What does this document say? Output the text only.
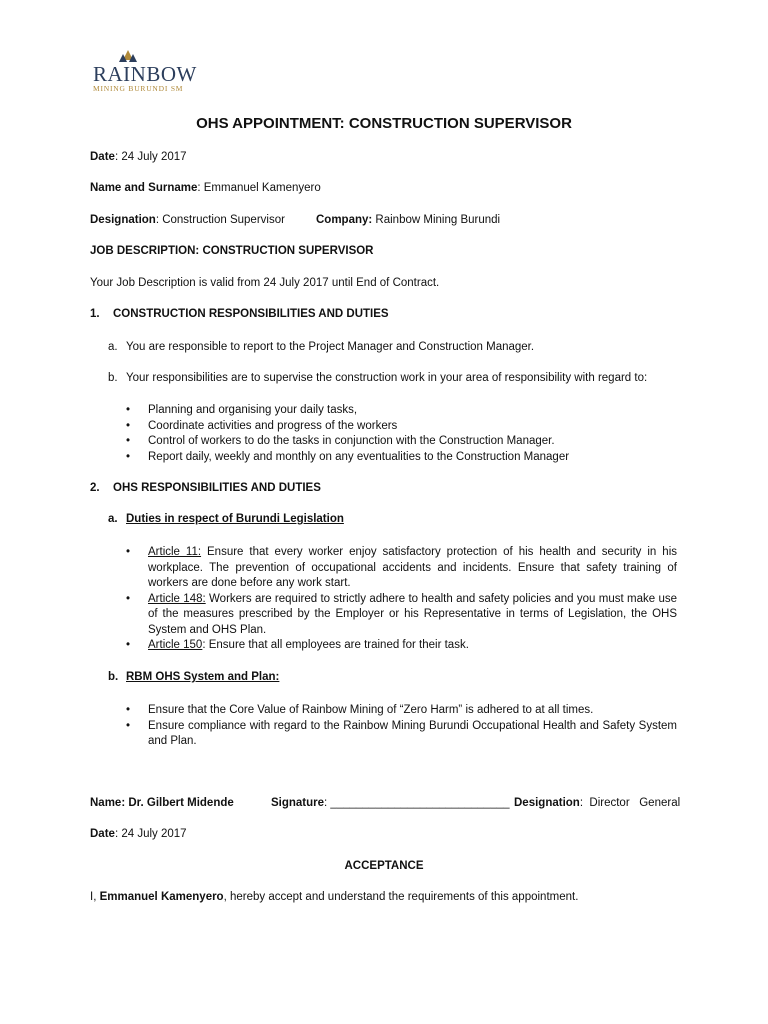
RAINBOW
MINING BURUNDI SM
OHS APPOINTMENT: CONSTRUCTION SUPERVISOR
Date: 24 July 2017
Name and Surname: Emmanuel Kamenyero
Designation: Construction Supervisor	Company: Rainbow Mining Burundi
JOB DESCRIPTION: CONSTRUCTION SUPERVISOR
Your Job Description is valid from 24 July 2017 until End of Contract.
1. CONSTRUCTION RESPONSIBILITIES AND DUTIES
a. You are responsible to report to the Project Manager and Construction Manager.
b. Your responsibilities are to supervise the construction work in your area of responsibility with regard to:
• Planning and organising your daily tasks,
• Coordinate activities and progress of the workers
• Control of workers to do the tasks in conjunction with the Construction Manager.
• Report daily, weekly and monthly on any eventualities to the Construction Manager
2. OHS RESPONSIBILITIES AND DUTIES
a. Duties in respect of Burundi Legislation
• Article 11: Ensure that every worker enjoy satisfactory protection of his health and security in his workplace. The prevention of occupational accidents and incidents. Ensure that safety training of workers are done before any work start.
• Article 148: Workers are required to strictly adhere to health and safety policies and you must make use of the measures prescribed by the Employer or his Representative in terms of Legislation, the OHS System and OHS Plan.
• Article 150: Ensure that all employees are trained for their task.
b. RBM OHS System and Plan:
• Ensure that the Core Value of Rainbow Mining of “Zero Harm” is adhered to at all times.
• Ensure compliance with regard to the Rainbow Mining Burundi Occupational Health and Safety System and Plan.
Name: Dr. Gilbert Midende	Signature: ____________________________ Designation:  Director   General
Date: 24 July 2017
ACCEPTANCE
I, Emmanuel Kamenyero, hereby accept and understand the requirements of this appointment.
